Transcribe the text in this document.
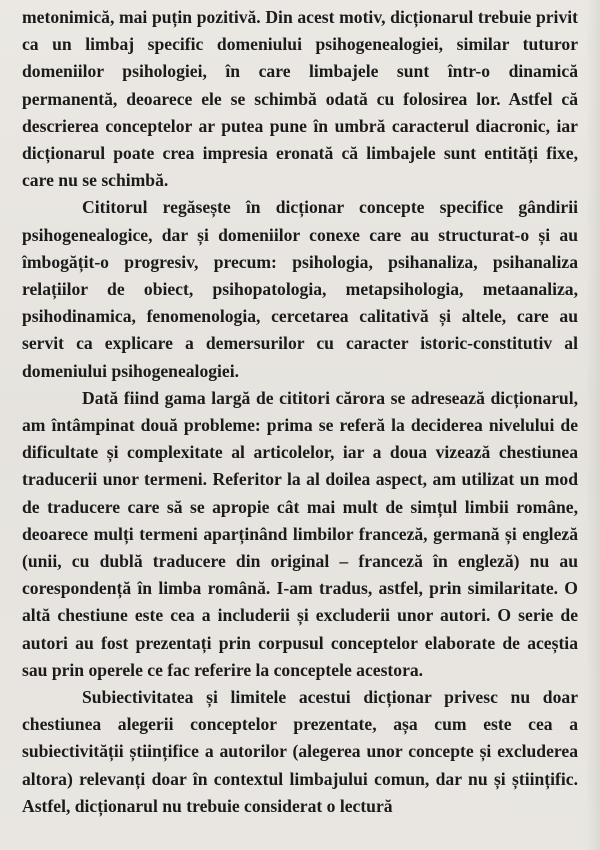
metonimică, mai puțin pozitivă. Din acest motiv, dicționarul trebuie privit ca un limbaj specific domeniului psihogenealogiei, similar tuturor domeniilor psihologiei, în care limbajele sunt într-o dinamică permanentă, deoarece ele se schimbă odată cu folosirea lor. Astfel că descrierea conceptelor ar putea pune în umbră caracterul diacronic, iar dicționarul poate crea impresia eronată că limbajele sunt entități fixe, care nu se schimbă.

Cititorul regăsește în dicționar concepte specifice gândirii psihogenealogice, dar și domeniilor conexe care au structurat-o și au îmbogățit-o progresiv, precum: psihologia, psihanaliza, psihanaliza relațiilor de obiect, psihopatologia, metapsihologia, metaanaliza, psihodinamica, fenomenologia, cercetarea calitativă și altele, care au servit ca explicare a demersurilor cu caracter istoric-constitutiv al domeniului psihogenealogiei.

Dată fiind gama largă de cititori cărora se adresează dicționarul, am întâmpinat două probleme: prima se referă la deciderea nivelului de dificultate și complexitate al articolelor, iar a doua vizează chestiunea traducerii unor termeni. Referitor la al doilea aspect, am utilizat un mod de traducere care să se apropie cât mai mult de simțul limbii române, deoarece mulți termeni aparținând limbilor franceză, germană și engleză (unii, cu dublă traducere din original – franceză în engleză) nu au corespondență în limba română. I-am tradus, astfel, prin similaritate. O altă chestiune este cea a includerii și excluderii unor autori. O serie de autori au fost prezentați prin corpusul conceptelor elaborate de aceștia sau prin operele ce fac referire la conceptele acestora.

Subiectivitatea și limitele acestui dicționar privesc nu doar chestiunea alegerii conceptelor prezentate, așa cum este cea a subiectivității științifice a autorilor (alegerea unor concepte și excluderea altora) relevanți doar în contextul limbajului comun, dar nu și științific. Astfel, dicționarul nu trebuie considerat o lectură
